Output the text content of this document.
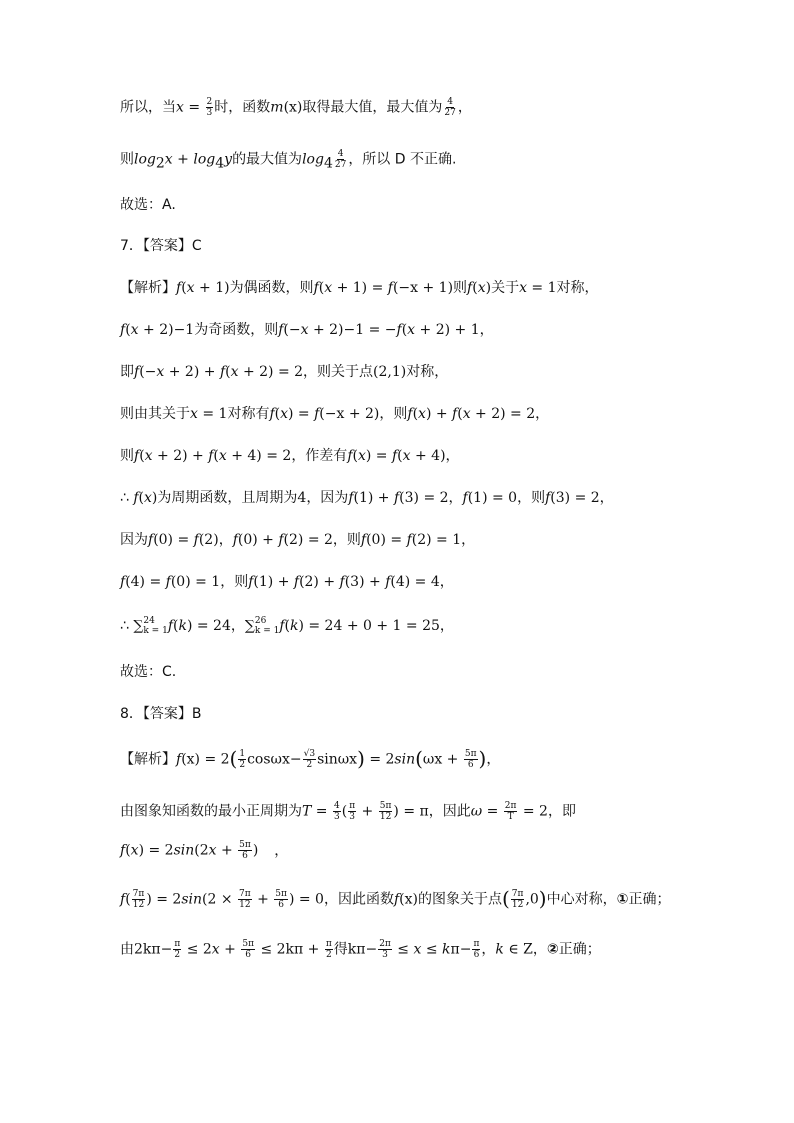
所以，当$x = \frac{2}{3}$ 时，函数m(x)取得最大值，最大值为 $\frac{4}{27}$ ，
则$\log_2x + \log_4y$的最大值为$\log_4 \frac{4}{27}$ ，所以 D 不正确.
故选：A.
7．【答案】C
【解析】f(x + 1)为偶函数，则f(x + 1) = f(−x + 1)则f(x)关于x = 1对称，
f(x + 2)−1为奇函数，则f(−x + 2)−1 = −f(x + 2) + 1，
即f(−x + 2) + f(x + 2) = 2，则关于点(2,1)对称，
则由其关于x = 1对称有f(x) = f(−x + 2)，则f(x) + f(x + 2) = 2，
则f(x + 2) + f(x + 4) = 2，作差有f(x) = f(x + 4)，
∴ f(x)为周期函数，且周期为4，因为f(1) + f(3) = 2，f(1) = 0，则f(3) = 2，
因为f(0) = f(2)，f(0) + f(2) = 2，则f(0) = f(2) = 1，
f(4) = f(0) = 1，则f(1) + f(2) + f(3) + f(4) = 4，
∴ ∑ 24
k = 1 f(k) = 24，∑ 26
k = 1 f(k) = 24 + 0 + 1 = 25，
故选：C.
8．【答案】B
【解析】$f(x) = 2( \frac{1}{2} \cos\omega x- \frac{√3}{2} \sin\omega x) = 2\sin(\omega x + \frac{5\pi}{6}$ )，
由图象知函数的最小正周期为$T = \frac{4}{3}$ ( $\frac{\pi}{3} + \frac{5\pi}{12}$ ) = π，因此$\omega = \frac{2\pi}{T} = 2$，即
$f(x) = 2\sin(2x + \frac{5\pi}{6}$ ) ，
$f( \frac{7\pi}{12}$ ) = $2\sin(2 \times \frac{7\pi}{12} + \frac{5\pi}{6}$ ) = 0，因此函数f(x)的图象关于点( $\frac{7\pi}{12} ,0$)中心对称，①正确；
由$2k\pi- \frac{\pi}{2} \le 2x + \frac{5\pi}{6} \le 2k\pi + \frac{\pi}{2}$ 得$k\pi- \frac{2\pi}{3} \le x \le k\pi- \frac{\pi}{6}$ ，k ∈ Z，②正确；
